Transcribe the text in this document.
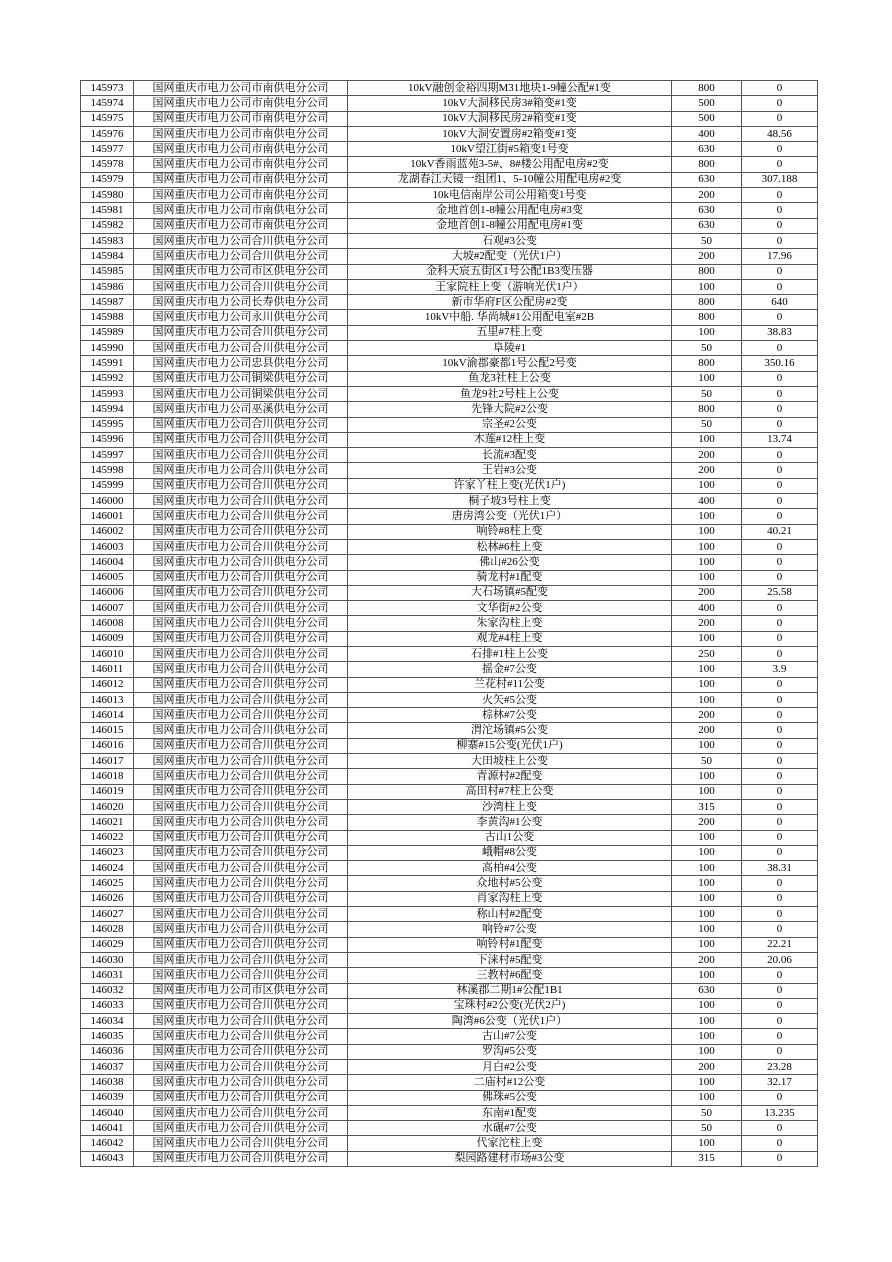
145973	国网重庆市电力公司市南供电分公司	10kV融创金裕四期M31地块1-9幢公配#1变	800	0
145974	国网重庆市电力公司市南供电分公司	10kV大洞移民房3#箱变#1变	500	0
145975	国网重庆市电力公司市南供电分公司	10kV大洞移民房2#箱变#1变	500	0
145976	国网重庆市电力公司市南供电分公司	10kV大洞安置房#2箱变#1变	400	48.56
145977	国网重庆市电力公司市南供电分公司	10kV望江街#5箱变1号变	630	0
145978	国网重庆市电力公司市南供电分公司	10kV香雨蓝苑3-5#、8#楼公用配电房#2变	800	0
145979	国网重庆市电力公司市南供电分公司	龙湖春江天镜一组团1、5-10幢公用配电房#2变	630	307.188
145980	国网重庆市电力公司市南供电分公司	10k电信南岸公司公用箱变1号变	200	0
145981	国网重庆市电力公司市南供电分公司	金地首创1-8幢公用配电房#3变	630	0
145982	国网重庆市电力公司市南供电分公司	金地首创1-8幢公用配电房#1变	630	0
145983	国网重庆市电力公司合川供电分公司	石观#3公变	50	0
145984	国网重庆市电力公司合川供电分公司	大坡#2配变（光伏1户）	200	17.96
145985	国网重庆市电力公司市区供电分公司	金科天宸五街区1号公配1B3变压器	800	0
145986	国网重庆市电力公司合川供电分公司	王家院柱上变（游响光伏1户）	100	0
145987	国网重庆市电力公司长寿供电分公司	新市华府F区公配房#2变	800	640
145988	国网重庆市电力公司永川供电分公司	10kV中船. 华尚城#1公用配电室#2B	800	0
145989	国网重庆市电力公司合川供电分公司	五里#7柱上变	100	38.83
145990	国网重庆市电力公司合川供电分公司	阜陵#1	50	0
145991	国网重庆市电力公司忠县供电分公司	10kV渝郡豪都1号公配2号变	800	350.16
145992	国网重庆市电力公司铜梁供电分公司	鱼龙3社柱上公变	100	0
145993	国网重庆市电力公司铜梁供电分公司	鱼龙9社2号柱上公变	50	0
145994	国网重庆市电力公司巫溪供电分公司	先锋大院#2公变	800	0
145995	国网重庆市电力公司合川供电分公司	宗圣#2公变	50	0
145996	国网重庆市电力公司合川供电分公司	木莲#12柱上变	100	13.74
145997	国网重庆市电力公司合川供电分公司	长流#3配变	200	0
145998	国网重庆市电力公司合川供电分公司	王岩#3公变	200	0
145999	国网重庆市电力公司合川供电分公司	许家丫柱上变(光伏1户)	100	0
146000	国网重庆市电力公司合川供电分公司	桐子坡3号柱上变	400	0
146001	国网重庆市电力公司合川供电分公司	唐房湾公变（光伏1户）	100	0
146002	国网重庆市电力公司合川供电分公司	响铃#8柱上变	100	40.21
146003	国网重庆市电力公司合川供电分公司	松林#6柱上变	100	0
146004	国网重庆市电力公司合川供电分公司	佛山#26公变	100	0
146005	国网重庆市电力公司合川供电分公司	骑龙村#1配变	100	0
146006	国网重庆市电力公司合川供电分公司	大石场镇#5配变	200	25.58
146007	国网重庆市电力公司合川供电分公司	文华街#2公变	400	0
146008	国网重庆市电力公司合川供电分公司	朱家沟柱上变	200	0
146009	国网重庆市电力公司合川供电分公司	观龙#4柱上变	100	0
146010	国网重庆市电力公司合川供电分公司	石排#1柱上公变	250	0
146011	国网重庆市电力公司合川供电分公司	摇金#7公变	100	3.9
146012	国网重庆市电力公司合川供电分公司	兰花村#11公变	100	0
146013	国网重庆市电力公司合川供电分公司	火矢#5公变	100	0
146014	国网重庆市电力公司合川供电分公司	棕林#7公变	200	0
146015	国网重庆市电力公司合川供电分公司	渭沱场镇#5公变	200	0
146016	国网重庆市电力公司合川供电分公司	柳寨#15公变(光伏1户)	100	0
146017	国网重庆市电力公司合川供电分公司	大田坡柱上公变	50	0
146018	国网重庆市电力公司合川供电分公司	青源村#2配变	100	0
146019	国网重庆市电力公司合川供电分公司	高田村#7柱上公变	100	0
146020	国网重庆市电力公司合川供电分公司	沙湾柱上变	315	0
146021	国网重庆市电力公司合川供电分公司	李黄沟#1公变	200	0
146022	国网重庆市电力公司合川供电分公司	古山1公变	100	0
146023	国网重庆市电力公司合川供电分公司	峨帽#8公变	100	0
146024	国网重庆市电力公司合川供电分公司	高柏#4公变	100	38.31
146025	国网重庆市电力公司合川供电分公司	众地村#5公变	100	0
146026	国网重庆市电力公司合川供电分公司	肖家沟柱上变	100	0
146027	国网重庆市电力公司合川供电分公司	称山村#2配变	100	0
146028	国网重庆市电力公司合川供电分公司	响铃#7公变	100	0
146029	国网重庆市电力公司合川供电分公司	响铃村#1配变	100	22.21
146030	国网重庆市电力公司合川供电分公司	下涞村#5配变	200	20.06
146031	国网重庆市电力公司合川供电分公司	三教村#6配变	100	0
146032	国网重庆市电力公司市区供电分公司	林溪郡二期1#公配1B1	630	0
146033	国网重庆市电力公司合川供电分公司	宝珠村#2公变(光伏2户)	100	0
146034	国网重庆市电力公司合川供电分公司	陶湾#6公变（光伏1户）	100	0
146035	国网重庆市电力公司合川供电分公司	古山#7公变	100	0
146036	国网重庆市电力公司合川供电分公司	罗沟#5公变	100	0
146037	国网重庆市电力公司合川供电分公司	月白#2公变	200	23.28
146038	国网重庆市电力公司合川供电分公司	二庙村#12公变	100	32.17
146039	国网重庆市电力公司合川供电分公司	佛珠#5公变	100	0
146040	国网重庆市电力公司合川供电分公司	东南#1配变	50	13.235
146041	国网重庆市电力公司合川供电分公司	水碾#7公变	50	0
146042	国网重庆市电力公司合川供电分公司	代家沱柱上变	100	0
146043	国网重庆市电力公司合川供电分公司	梨园路建材市场#3公变	315	0
